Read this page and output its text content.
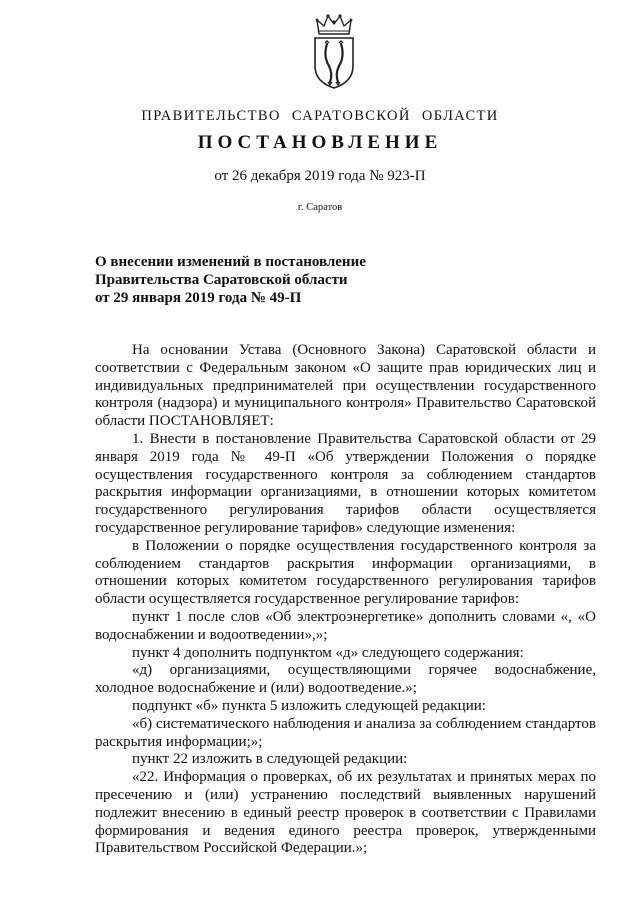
ПРАВИТЕЛЬСТВО САРАТОВСКОЙ ОБЛАСТИ
ПОСТАНОВЛЕНИЕ
от 26 декабря 2019 года № 923-П
г. Саратов
О внесении изменений в постановление
Правительства Саратовской области
от 29 января 2019 года № 49-П

На основании Устава (Основного Закона) Саратовской области и соответствии с Федеральным законом «О защите прав юридических лиц и индивидуальных предпринимателей при осуществлении государственного контроля (надзора) и муниципального контроля» Правительство Саратовской области ПОСТАНОВЛЯЕТ:

1. Внести в постановление Правительства Саратовской области от 29 января 2019 года № 49-П «Об утверждении Положения о порядке осуществления государственного контроля за соблюдением стандартов раскрытия информации организациями, в отношении которых комитетом государственного регулирования тарифов области осуществляется государственное регулирование тарифов» следующие изменения:

в Положении о порядке осуществления государственного контроля за соблюдением стандартов раскрытия информации организациями, в отношении которых комитетом государственного регулирования тарифов области осуществляется государственное регулирование тарифов:

пункт 1 после слов «Об электроэнергетике» дополнить словами «, «О водоснабжении и водоотведении»,»;

пункт 4 дополнить подпунктом «д» следующего содержания:

«д) организациями, осуществляющими горячее водоснабжение, холодное водоснабжение и (или) водоотведение.»;

подпункт «б» пункта 5 изложить следующей редакции:

«б) систематического наблюдения и анализа за соблюдением стандартов раскрытия информации;»;

пункт 22 изложить в следующей редакции:

«22. Информация о проверках, об их результатах и принятых мерах по пресечению и (или) устранению последствий выявленных нарушений подлежит внесению в единый реестр проверок в соответствии с Правилами формирования и ведения единого реестра проверок, утвержденными Правительством Российской Федерации.»;
